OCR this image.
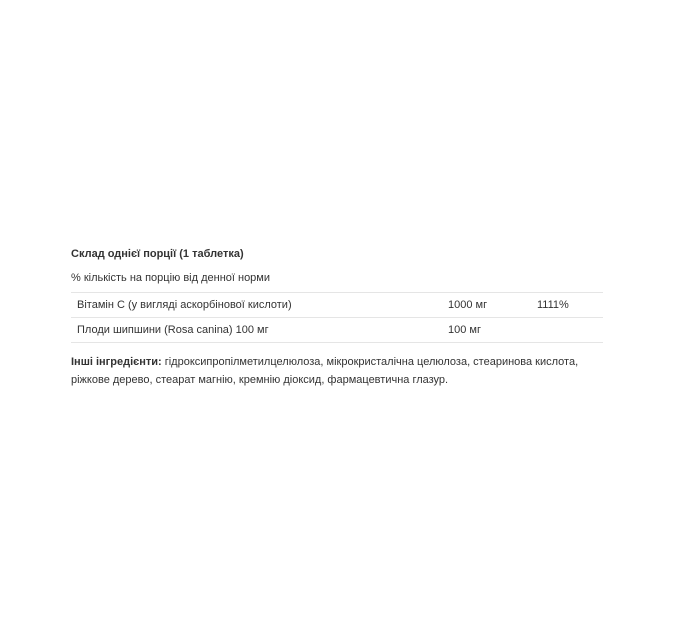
Склад однієї порції (1 таблетка)
% кількість на порцію від денної норми
Вітамін С (у вигляді аскорбінової кислоти)	1000 мг	1111%
Плоди шипшини (Rosa canina) 100 мг	100 мг	
Інші інгредієнти: гідроксипропілметилцелюлоза, мікрокристалічна целюлоза, стеаринова кислота, ріжкове дерево, стеарат магнію, кремнію діоксид, фармацевтична глазур.
